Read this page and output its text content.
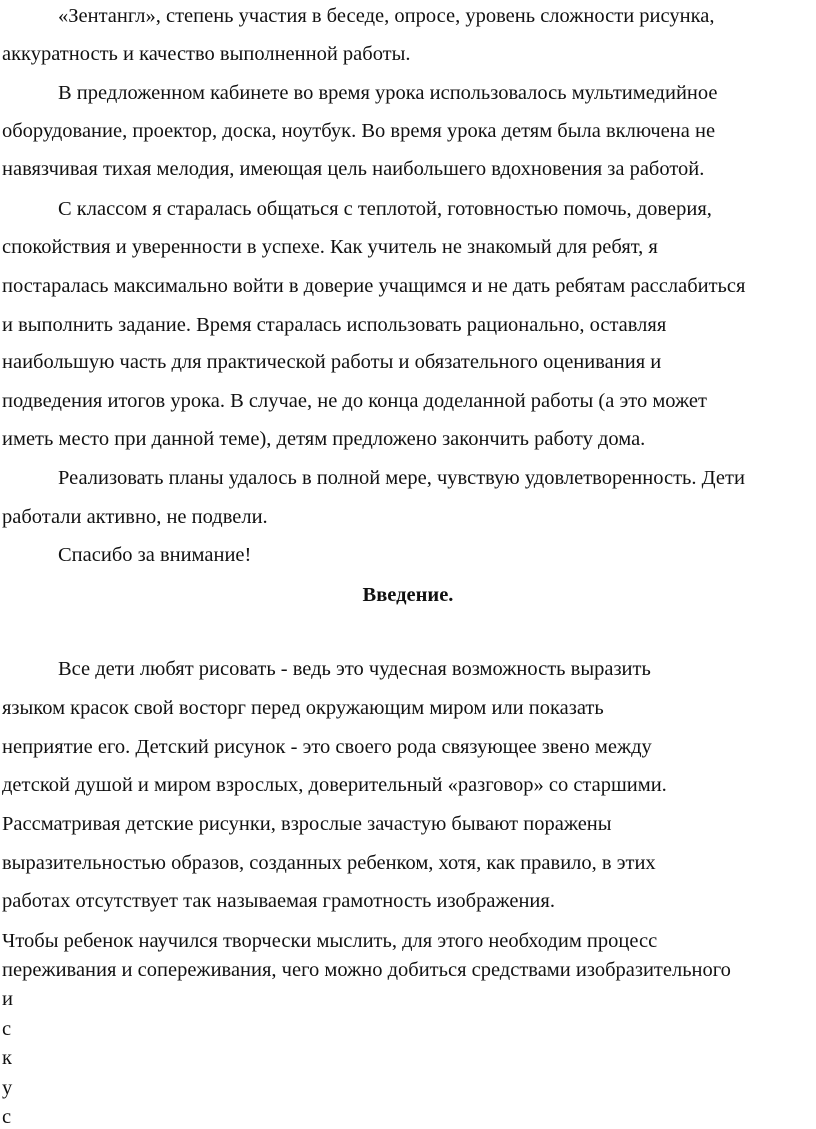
«Зентангл», степень участия в беседе, опросе, уровень сложности рисунка,
аккуратность и качество выполненной работы.
В предложенном кабинете во время урока использовалось мультимедийное
оборудование, проектор, доска, ноутбук. Во время урока детям была включена не
навязчивая тихая мелодия, имеющая цель наибольшего вдохновения за работой.
С классом я старалась общаться с теплотой, готовностью помочь, доверия,
спокойствия и уверенности в успехе. Как учитель не знакомый для ребят, я
постаралась максимально войти в доверие учащимся и не дать ребятам расслабиться
и выполнить задание. Время старалась использовать рационально, оставляя
наибольшую часть для практической работы и обязательного оценивания и
подведения итогов урока. В случае, не до конца доделанной работы (а это может
иметь место при данной теме), детям предложено закончить работу дома.
Реализовать планы удалось в полной мере, чувствую удовлетворенность. Дети
работали активно, не подвели.
Спасибо за внимание!
Введение.
Все дети любят рисовать - ведь это чудесная возможность выразить
языком красок свой восторг перед окружающим миром или показать
неприятие его. Детский рисунок - это своего рода связующее звено между
детской душой и миром взрослых, доверительный «разговор» со старшими.
Рассматривая детские рисунки, взрослые зачастую бывают поражены
выразительностью образов, созданных ребенком, хотя, как правило, в этих
работах отсутствует так называемая грамотность изображения.
Чтобы ребенок научился творчески мыслить, для этого необходим процесс
переживания и сопереживания, чего можно добиться средствами изобразительного
и
с
к
у
с
